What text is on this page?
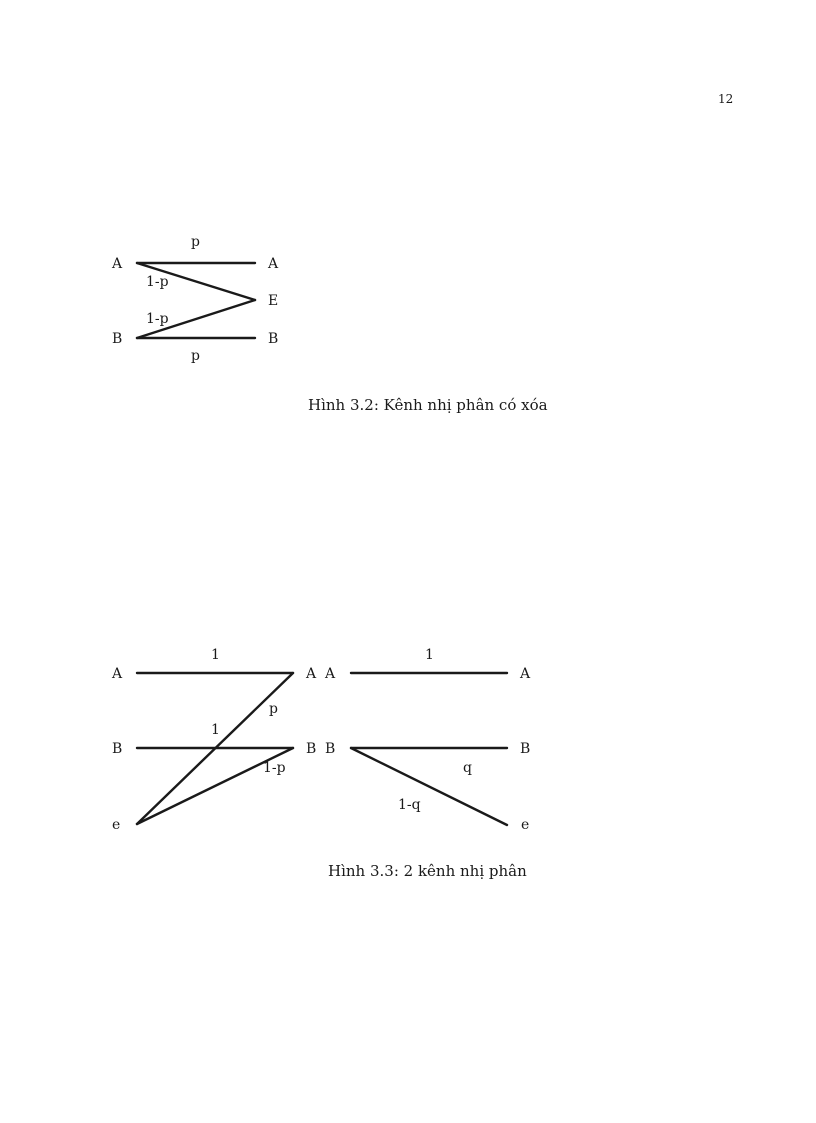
12
A
B
A
E
B
p
1-p
1-p
p
A
B
e
A
B
1
1
p
1-p
A
B
A
B
e
1
q
1-q
Hình 3.2: Kênh nhị phân có xóa
Hình 3.3: 2 kênh nhị phân
